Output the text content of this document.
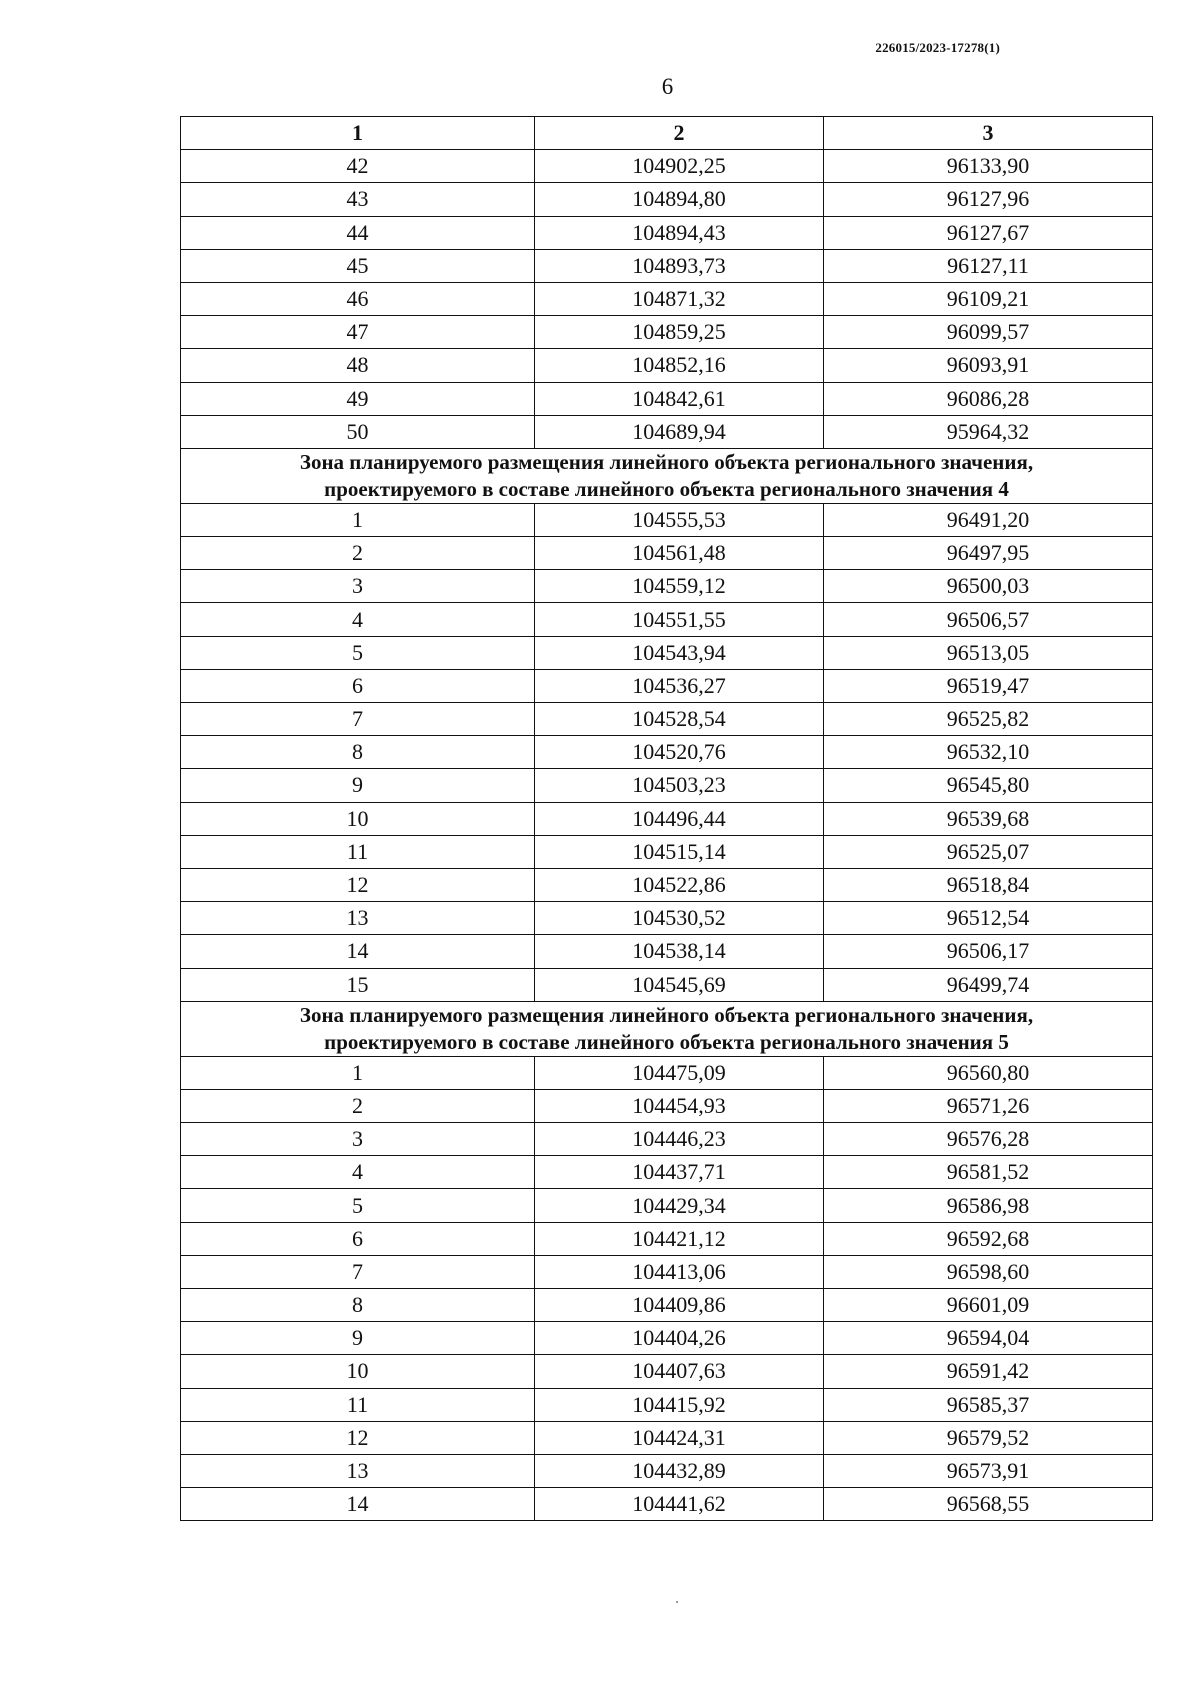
226015/2023-17278(1)
6
1	2	3
42	104902,25	96133,90
43	104894,80	96127,96
44	104894,43	96127,67
45	104893,73	96127,11
46	104871,32	96109,21
47	104859,25	96099,57
48	104852,16	96093,91
49	104842,61	96086,28
50	104689,94	95964,32
Зона планируемого размещения линейного объекта регионального значения,
проектируемого в составе линейного объекта регионального значения 4		
1	104555,53	96491,20
2	104561,48	96497,95
3	104559,12	96500,03
4	104551,55	96506,57
5	104543,94	96513,05
6	104536,27	96519,47
7	104528,54	96525,82
8	104520,76	96532,10
9	104503,23	96545,80
10	104496,44	96539,68
11	104515,14	96525,07
12	104522,86	96518,84
13	104530,52	96512,54
14	104538,14	96506,17
15	104545,69	96499,74
Зона планируемого размещения линейного объекта регионального значения,
проектируемого в составе линейного объекта регионального значения 5		
1	104475,09	96560,80
2	104454,93	96571,26
3	104446,23	96576,28
4	104437,71	96581,52
5	104429,34	96586,98
6	104421,12	96592,68
7	104413,06	96598,60
8	104409,86	96601,09
9	104404,26	96594,04
10	104407,63	96591,42
11	104415,92	96585,37
12	104424,31	96579,52
13	104432,89	96573,91
14	104441,62	96568,55
